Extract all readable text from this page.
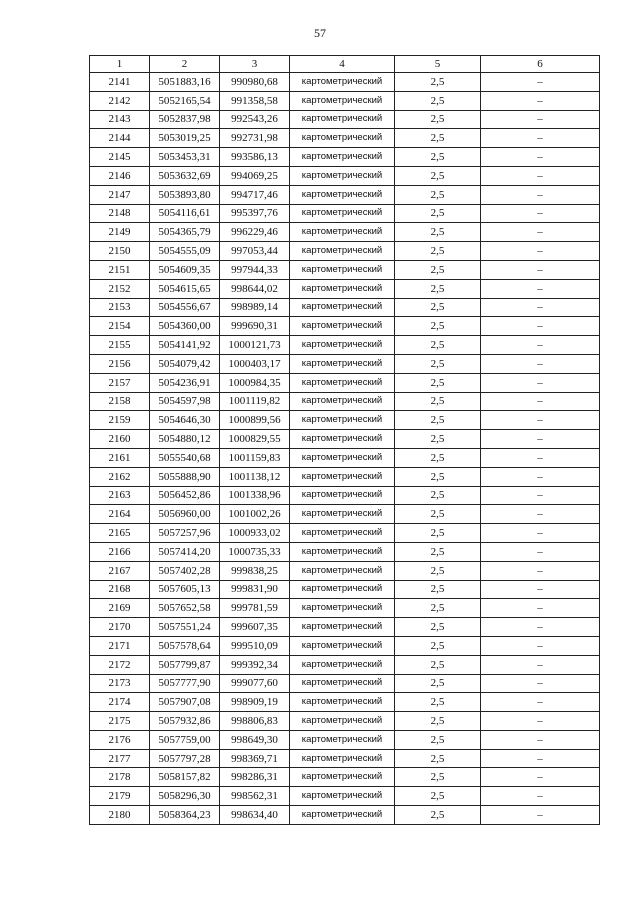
57
1	2	3	4	5	6
2141	5051883,16	990980,68	картометрический	2,5	–
2142	5052165,54	991358,58	картометрический	2,5	–
2143	5052837,98	992543,26	картометрический	2,5	–
2144	5053019,25	992731,98	картометрический	2,5	–
2145	5053453,31	993586,13	картометрический	2,5	–
2146	5053632,69	994069,25	картометрический	2,5	–
2147	5053893,80	994717,46	картометрический	2,5	–
2148	5054116,61	995397,76	картометрический	2,5	–
2149	5054365,79	996229,46	картометрический	2,5	–
2150	5054555,09	997053,44	картометрический	2,5	–
2151	5054609,35	997944,33	картометрический	2,5	–
2152	5054615,65	998644,02	картометрический	2,5	–
2153	5054556,67	998989,14	картометрический	2,5	–
2154	5054360,00	999690,31	картометрический	2,5	–
2155	5054141,92	1000121,73	картометрический	2,5	–
2156	5054079,42	1000403,17	картометрический	2,5	–
2157	5054236,91	1000984,35	картометрический	2,5	–
2158	5054597,98	1001119,82	картометрический	2,5	–
2159	5054646,30	1000899,56	картометрический	2,5	–
2160	5054880,12	1000829,55	картометрический	2,5	–
2161	5055540,68	1001159,83	картометрический	2,5	–
2162	5055888,90	1001138,12	картометрический	2,5	–
2163	5056452,86	1001338,96	картометрический	2,5	–
2164	5056960,00	1001002,26	картометрический	2,5	–
2165	5057257,96	1000933,02	картометрический	2,5	–
2166	5057414,20	1000735,33	картометрический	2,5	–
2167	5057402,28	999838,25	картометрический	2,5	–
2168	5057605,13	999831,90	картометрический	2,5	–
2169	5057652,58	999781,59	картометрический	2,5	–
2170	5057551,24	999607,35	картометрический	2,5	–
2171	5057578,64	999510,09	картометрический	2,5	–
2172	5057799,87	999392,34	картометрический	2,5	–
2173	5057777,90	999077,60	картометрический	2,5	–
2174	5057907,08	998909,19	картометрический	2,5	–
2175	5057932,86	998806,83	картометрический	2,5	–
2176	5057759,00	998649,30	картометрический	2,5	–
2177	5057797,28	998369,71	картометрический	2,5	–
2178	5058157,82	998286,31	картометрический	2,5	–
2179	5058296,30	998562,31	картометрический	2,5	–
2180	5058364,23	998634,40	картометрический	2,5	–
